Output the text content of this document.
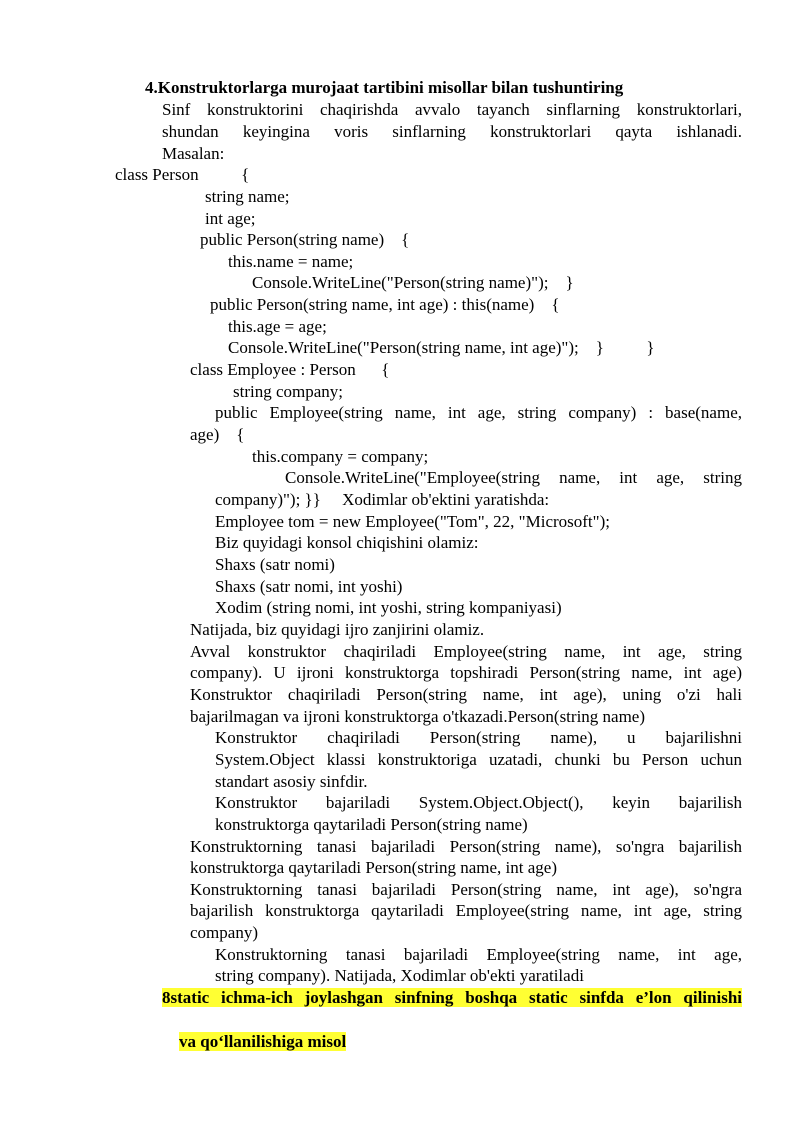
4.Konstruktorlarga murojaat tartibini misollar bilan tushuntiring
Sinf konstruktorini chaqirishda avvalo tayanch sinflarning konstruktorlari,
shundan keyingina voris sinflarning konstruktorlari qayta ishlanadi.
Masalan:
class Person          {
string name;
int age;
public Person(string name)    {
this.name = name;
Console.WriteLine("Person(string name)");    }
public Person(string name, int age) : this(name)    {
this.age = age;
Console.WriteLine("Person(string name, int age)");    }          }
class Employee : Person      {
string company;
public Employee(string name, int age, string company) : base(name,
age)    {
this.company = company;
Console.WriteLine("Employee(string name, int age, string
company)"); }}     Xodimlar ob'ektini yaratishda:
Employee tom = new Employee("Tom", 22, "Microsoft");
Biz quyidagi konsol chiqishini olamiz:
Shaxs (satr nomi)
Shaxs (satr nomi, int yoshi)
Xodim (string nomi, int yoshi, string kompaniyasi)
Natijada, biz quyidagi ijro zanjirini olamiz.
Avval konstruktor chaqiriladi Employee(string name, int age, string
company). U ijroni konstruktorga topshiradi Person(string name, int age)
Konstruktor chaqiriladi Person(string name, int age), uning o'zi hali
bajarilmagan va ijroni konstruktorga o'tkazadi.Person(string name)
Konstruktor chaqiriladi Person(string name), u bajarilishni
System.Object klassi konstruktoriga uzatadi, chunki bu Person uchun
standart asosiy sinfdir.
Konstruktor bajariladi System.Object.Object(), keyin bajarilish
konstruktorga qaytariladi Person(string name)
Konstruktorning tanasi bajariladi Person(string name), so'ngra bajarilish
konstruktorga qaytariladi Person(string name, int age)
Konstruktorning tanasi bajariladi Person(string name, int age), so'ngra
bajarilish konstruktorga qaytariladi Employee(string name, int age, string
company)
Konstruktorning tanasi bajariladi Employee(string name, int age,
string company). Natijada, Xodimlar ob'ekti yaratiladi
8static ichma-ich joylashgan sinfning boshqa static sinfda e’lon qilinishi

va qo‘llanilishiga misol
